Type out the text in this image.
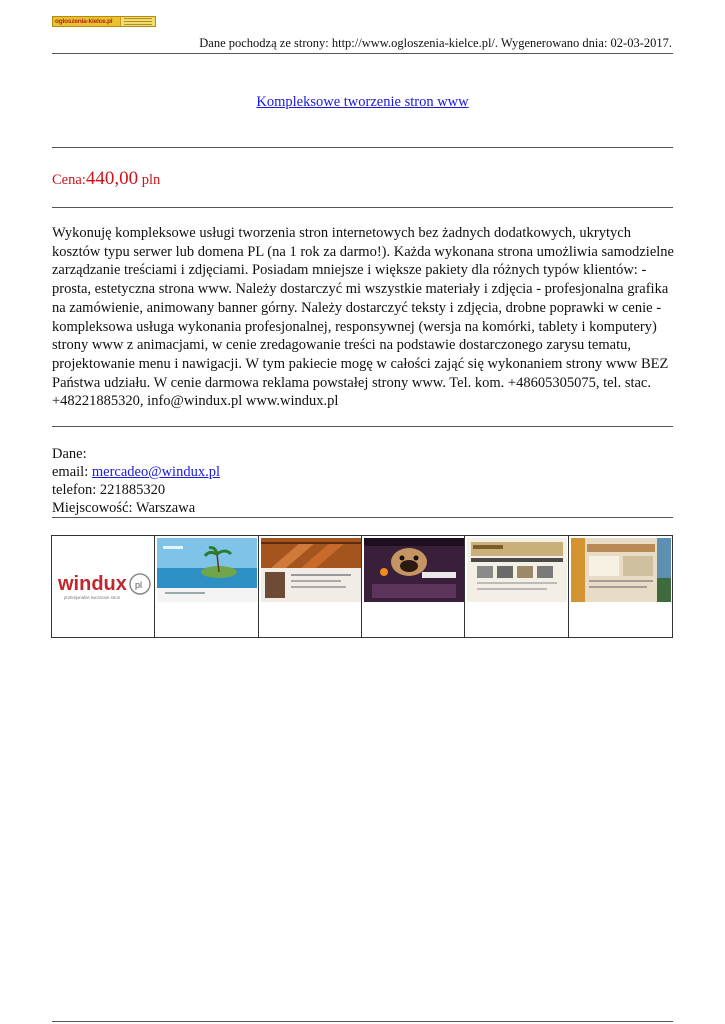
ogloszenia-kielce.pl
Dane pochodzą ze strony: http://www.ogloszenia-kielce.pl/. Wygenerowano dnia: 02-03-2017.
Kompleksowe tworzenie stron www
Cena:440,00 pln
Wykonuję kompleksowe usługi tworzenia stron internetowych bez żadnych dodatkowych, ukrytych kosztów typu serwer lub domena PL (na 1 rok za darmo!). Każda wykonana strona umożliwia samodzielne zarządzanie treściami i zdjęciami. Posiadam mniejsze i większe pakiety dla różnych typów klientów: - prosta, estetyczna strona www. Należy dostarczyć mi wszystkie materiały i zdjęcia - profesjonalna grafika na zamówienie, animowany banner górny. Należy dostarczyć teksty i zdjęcia, drobne poprawki w cenie - kompleksowa usługa wykonania profesjonalnej, responsywnej (wersja na komórki, tablety i komputery) strony www z animacjami, w cenie zredagowanie treści na podstawie dostarczonego zarysu tematu, projektowanie menu i nawigacji. W tym pakiecie mogę w całości zająć się wykonaniem strony www BEZ Państwa udziału. W cenie darmowa reklama powstałej strony www. Tel. kom. +48605305075, tel. stac. +48221885320, info@windux.pl www.windux.pl
Dane:
email: mercadeo@windux.pl
telefon: 221885320
Miejscowość: Warszawa
windux pl
profesjonalne tworzenie stron
